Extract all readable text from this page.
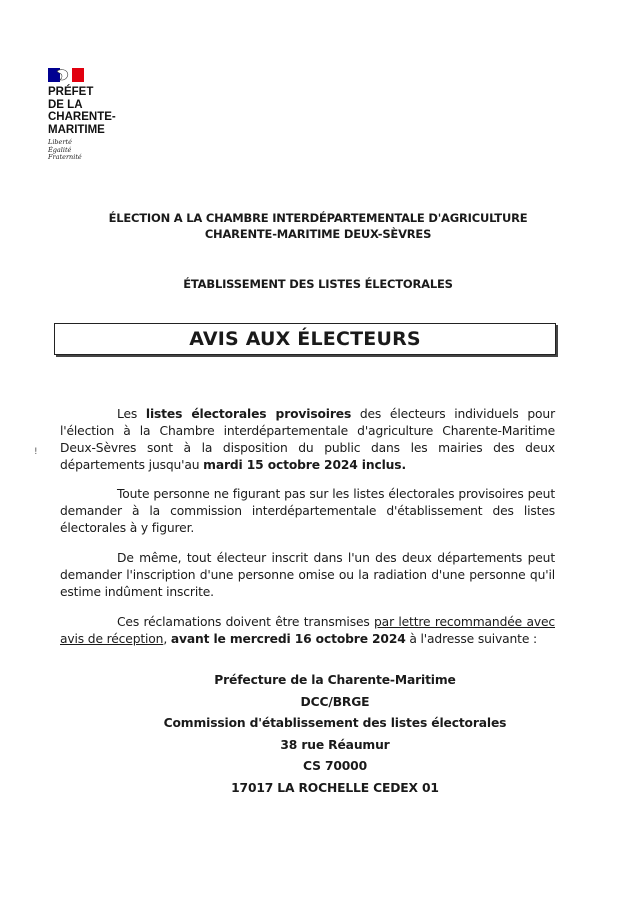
PRÉFET
DE LA
CHARENTE-
MARITIME
Liberté
Égalité
Fraternité
ÉLECTION A LA CHAMBRE INTERDÉPARTEMENTALE D'AGRICULTURE
CHARENTE-MARITIME DEUX-SÈVRES
ÉTABLISSEMENT DES LISTES ÉLECTORALES
AVIS AUX ÉLECTEURS
!
Les listes électorales provisoires des électeurs individuels pour l'élection à la Chambre interdépartementale d'agriculture Charente-Maritime Deux-Sèvres sont à la disposition du public dans les mairies des deux départements jusqu'au mardi 15 octobre 2024 inclus.
Toute personne ne figurant pas sur les listes électorales provisoires peut demander à la commission interdépartementale d'établissement des listes électorales à y figurer.
De même, tout électeur inscrit dans l'un des deux départements peut demander l'inscription d'une personne omise ou la radiation d'une personne qu'il estime indûment inscrite.
Ces réclamations doivent être transmises par lettre recommandée avec avis de réception, avant le mercredi 16 octobre 2024 à l'adresse suivante :
Préfecture de la Charente-Maritime
DCC/BRGE
Commission d'établissement des listes électorales
38 rue Réaumur
CS 70000
17017 LA ROCHELLE CEDEX 01
